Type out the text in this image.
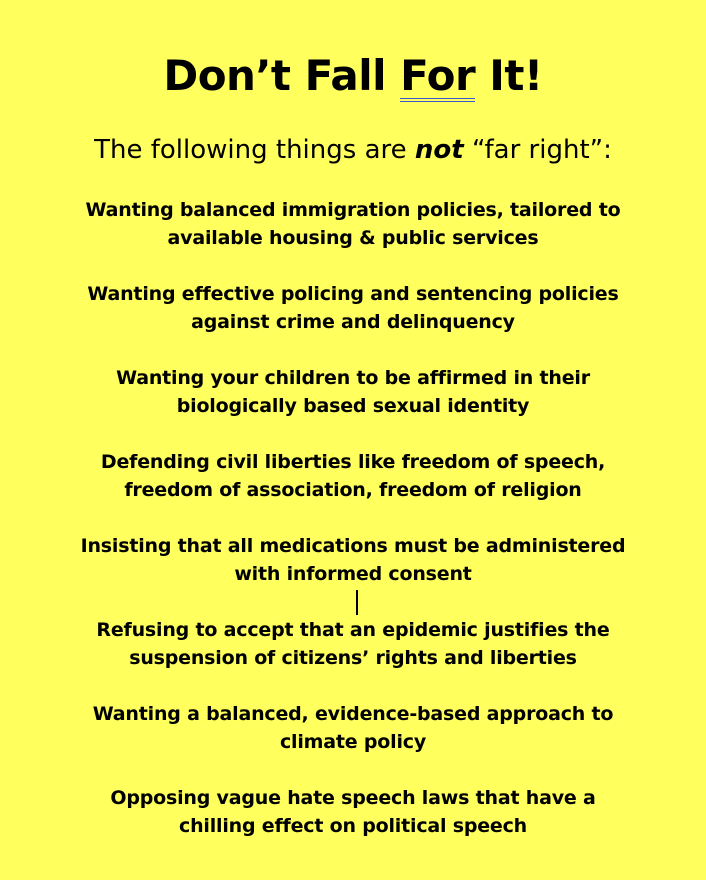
Don’t Fall For It!

The following things are not “far right”:

Wanting balanced immigration policies, tailored to
available housing & public services
Wanting effective policing and sentencing policies
against crime and delinquency
Wanting your children to be affirmed in their
biologically based sexual identity
Defending civil liberties like freedom of speech,
freedom of association, freedom of religion
Insisting that all medications must be administered
with informed consent
Refusing to accept that an epidemic justifies the
suspension of citizens’ rights and liberties
Wanting a balanced, evidence-based approach to
climate policy
Opposing vague hate speech laws that have a
chilling effect on political speech
